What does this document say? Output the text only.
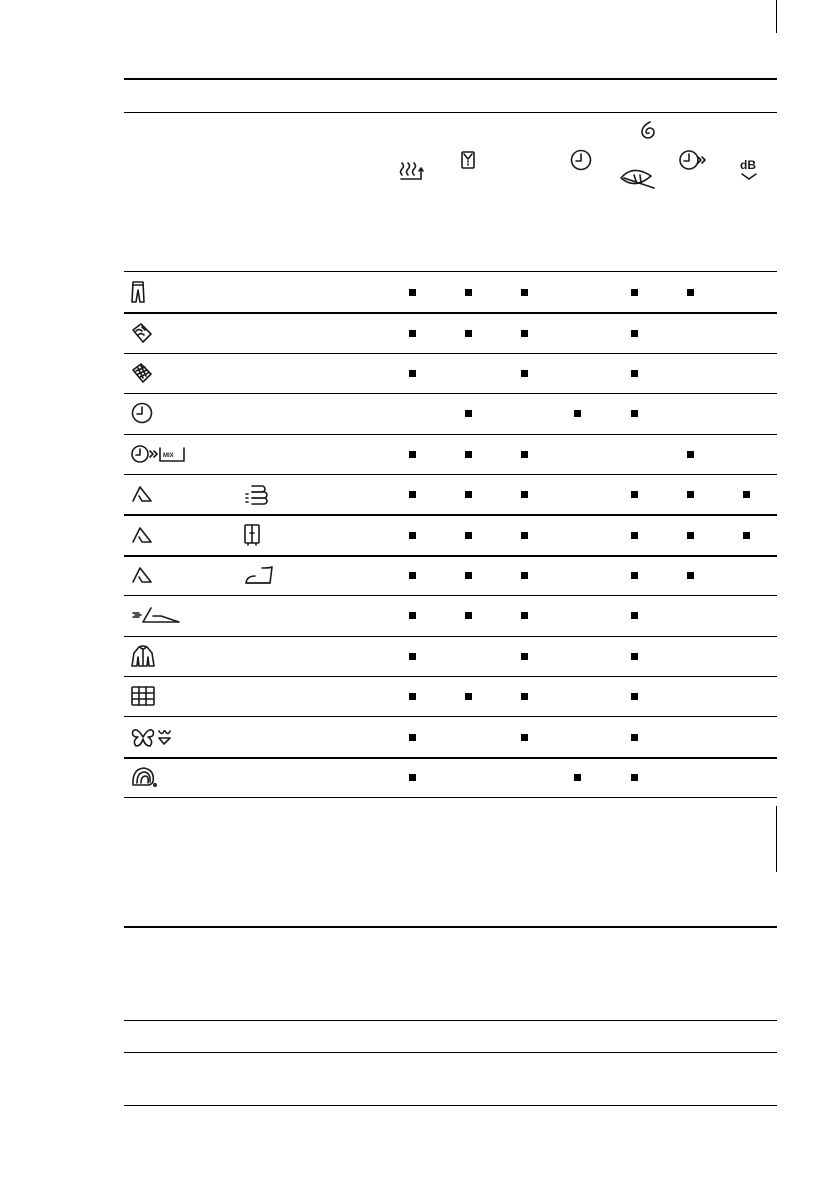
dB
MIX
